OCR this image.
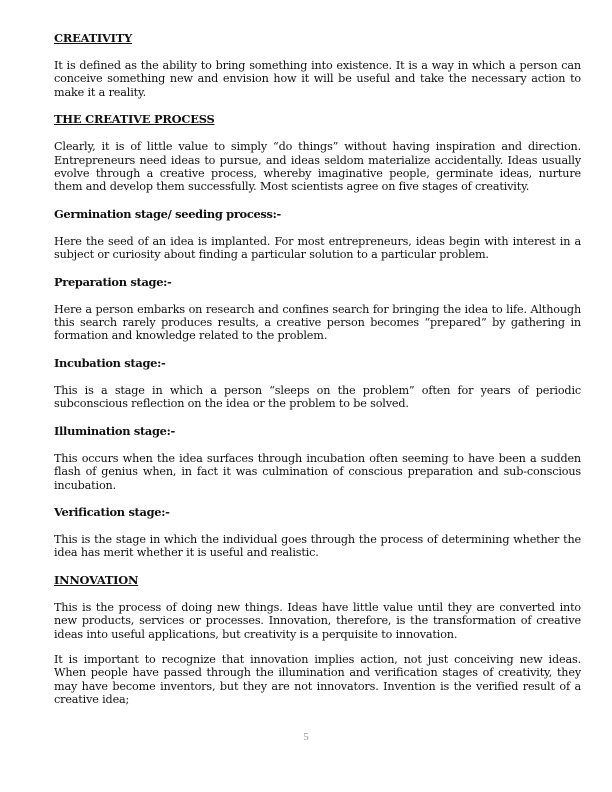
CREATIVITY

It is defined as the ability to bring something into existence. It is a way in which a person can conceive something new and envision how it will be useful and take the necessary action to make it a reality.

THE CREATIVE PROCESS

Clearly, it is of little value to simply “do things” without having inspiration and direction. Entrepreneurs need ideas to pursue, and ideas seldom materialize accidentally. Ideas usually evolve through a creative process, whereby imaginative people, germinate ideas, nurture them and develop them successfully. Most scientists agree on five stages of creativity.

Germination stage/ seeding process:-

Here the seed of an idea is implanted. For most entrepreneurs, ideas begin with interest in a subject or curiosity about finding a particular solution to a particular problem.

Preparation stage:-

Here a person embarks on research and confines search for bringing the idea to life. Although this search rarely produces results, a creative person becomes “prepared” by gathering in formation and knowledge related to the problem.

Incubation stage:-

This is a stage in which a person “sleeps on the problem” often for years of periodic subconscious reflection on the idea or the problem to be solved.

Illumination stage:-

This occurs when the idea surfaces through incubation often seeming to have been a sudden flash of genius when, in fact it was culmination of conscious preparation and sub-conscious incubation.

Verification stage:-

This is the stage in which the individual goes through the process of determining whether the idea has merit whether it is useful and realistic.

INNOVATION

This is the process of doing new things. Ideas have little value until they are converted into new products, services or processes. Innovation, therefore, is the transformation of creative ideas into useful applications, but creativity is a perquisite to innovation.

It is important to recognize that innovation implies action, not just conceiving new ideas. When people have passed through the illumination and verification stages of creativity, they may have become inventors, but they are not innovators. Invention is the verified result of a creative idea;

5
